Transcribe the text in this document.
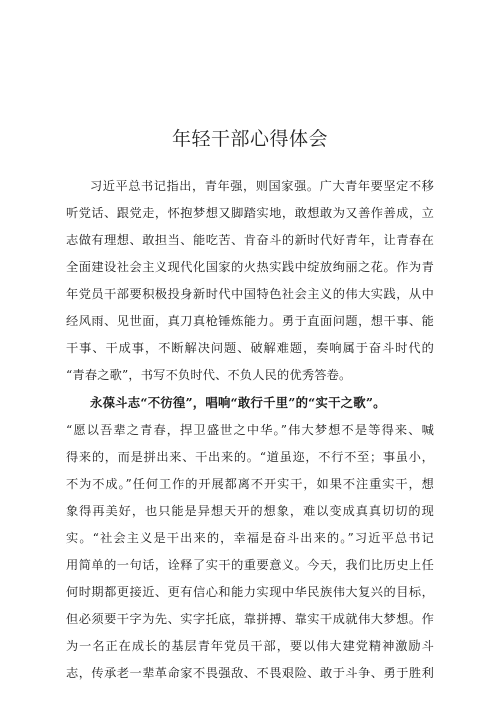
年轻干部心得体会
习近平总书记指出，青年强，则国家强。广大青年要坚定不移
听党话、跟党走，怀抱梦想又脚踏实地，敢想敢为又善作善成，立
志做有理想、敢担当、能吃苦、肯奋斗的新时代好青年，让青春在
全面建设社会主义现代化国家的火热实践中绽放绚丽之花。作为青
年党员干部要积极投身新时代中国特色社会主义的伟大实践，从中
经风雨、见世面，真刀真枪锤炼能力。勇于直面问题，想干事、能
干事、干成事，不断解决问题、破解难题，奏响属于奋斗时代的
“青春之歌”，书写不负时代、不负人民的优秀答卷。
永葆斗志“不彷徨”，唱响“敢行千里”的“实干之歌”。
“愿以吾辈之青春，捍卫盛世之中华。”伟大梦想不是等得来、喊
得来的，而是拼出来、干出来的。“道虽迩，不行不至；事虽小，
不为不成。”任何工作的开展都离不开实干，如果不注重实干，想
象得再美好，也只能是异想天开的想象，难以变成真真切切的现
实。“社会主义是干出来的，幸福是奋斗出来的。”习近平总书记
用简单的一句话，诠释了实干的重要意义。今天，我们比历史上任
何时期都更接近、更有信心和能力实现中华民族伟大复兴的目标，
但必须要干字为先、实字托底，靠拼搏、靠实干成就伟大梦想。作
为一名正在成长的基层青年党员干部，要以伟大建党精神激励斗
志，传承老一辈革命家不畏强敌、不畏艰险、敢于斗争、勇于胜利
